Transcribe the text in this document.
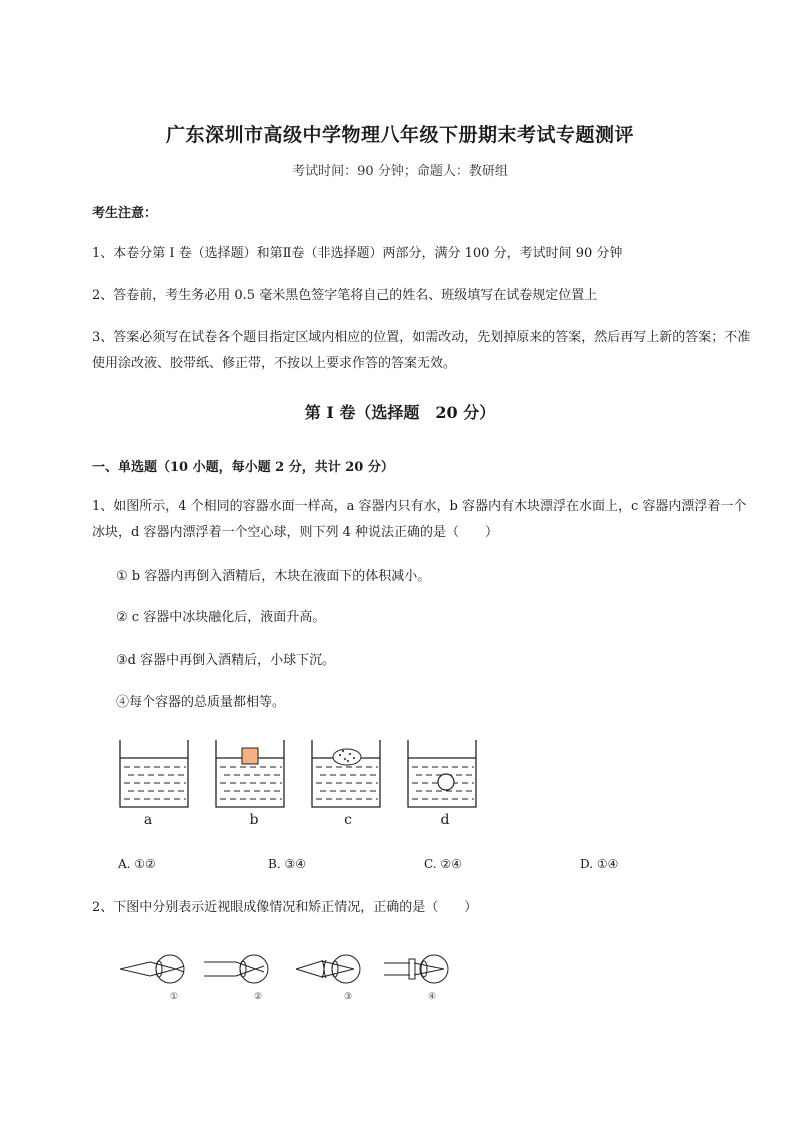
广东深圳市高级中学物理八年级下册期末考试专题测评
考试时间：90 分钟；命题人：教研组
考生注意：
1、本卷分第 I 卷（选择题）和第Ⅱ卷（非选择题）两部分，满分 100 分，考试时间 90 分钟
2、答卷前，考生务必用 0.5 毫米黑色签字笔将自己的姓名、班级填写在试卷规定位置上
3、答案必须写在试卷各个题目指定区域内相应的位置，如需改动，先划掉原来的答案，然后再写上新的答案；不准使用涂改液、胶带纸、修正带，不按以上要求作答的答案无效。
第 I 卷（选择题　20 分）
一、单选题（10 小题，每小题 2 分，共计 20 分）
1、如图所示，4 个相同的容器水面一样高，a 容器内只有水，b 容器内有木块漂浮在水面上，c 容器内漂浮着一个冰块，d 容器内漂浮着一个空心球，则下列 4 种说法正确的是（　　）
① b 容器内再倒入酒精后，木块在液面下的体积减小。
② c 容器中冰块融化后，液面升高。
③d 容器中再倒入酒精后，小球下沉。
④每个容器的总质量都相等。
a	b	c	d
A. ①②	B. ③④	C. ②④	D. ①④
2、下图中分别表示近视眼成像情况和矫正情况，正确的是（　　）
①	②	③	④
